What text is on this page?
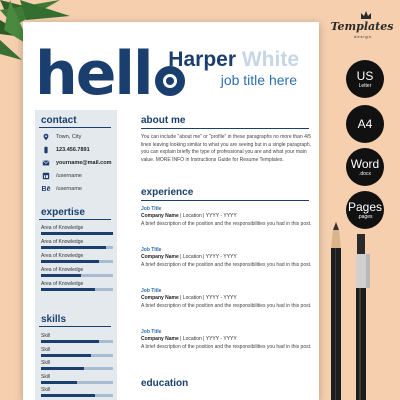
hell Harper White
job title here
contact
Town, City
123.456.7891
yourname@mail.com
/username
Bē /username
expertise
Area of Knowledge
Area of Knowledge
Area of Knowledge
Area of Knowledge
Area of Knowledge
skills
Skill
Skill
Skill
Skill
Skill
about me
You can include "about me" or "profile" in these paragraphs no more than 4/5 lines leaving looking similar to what you are seeing but in a single paragraph, you can explain briefly the type of professional you are and what your main value. MORE INFO in Instructions Guide for Resume Templates.
experience
Job Title
Company Name | Location | YYYY - YYYY
A brief description of the position and the responsibilities you had in this post.
Job Title
Company Name | Location | YYYY - YYYY
A brief description of the position and the responsibilities you had in this post.
Job Title
Company Name | Location | YYYY - YYYY
A brief description of the position and the responsibilities you had in this post.
Job Title
Company Name | Location | YYYY - YYYY
A brief description of the position and the responsibilities you had in this post.
education
Templates
design
US
Letter
A4
Word
.docx
Pages
.pages
